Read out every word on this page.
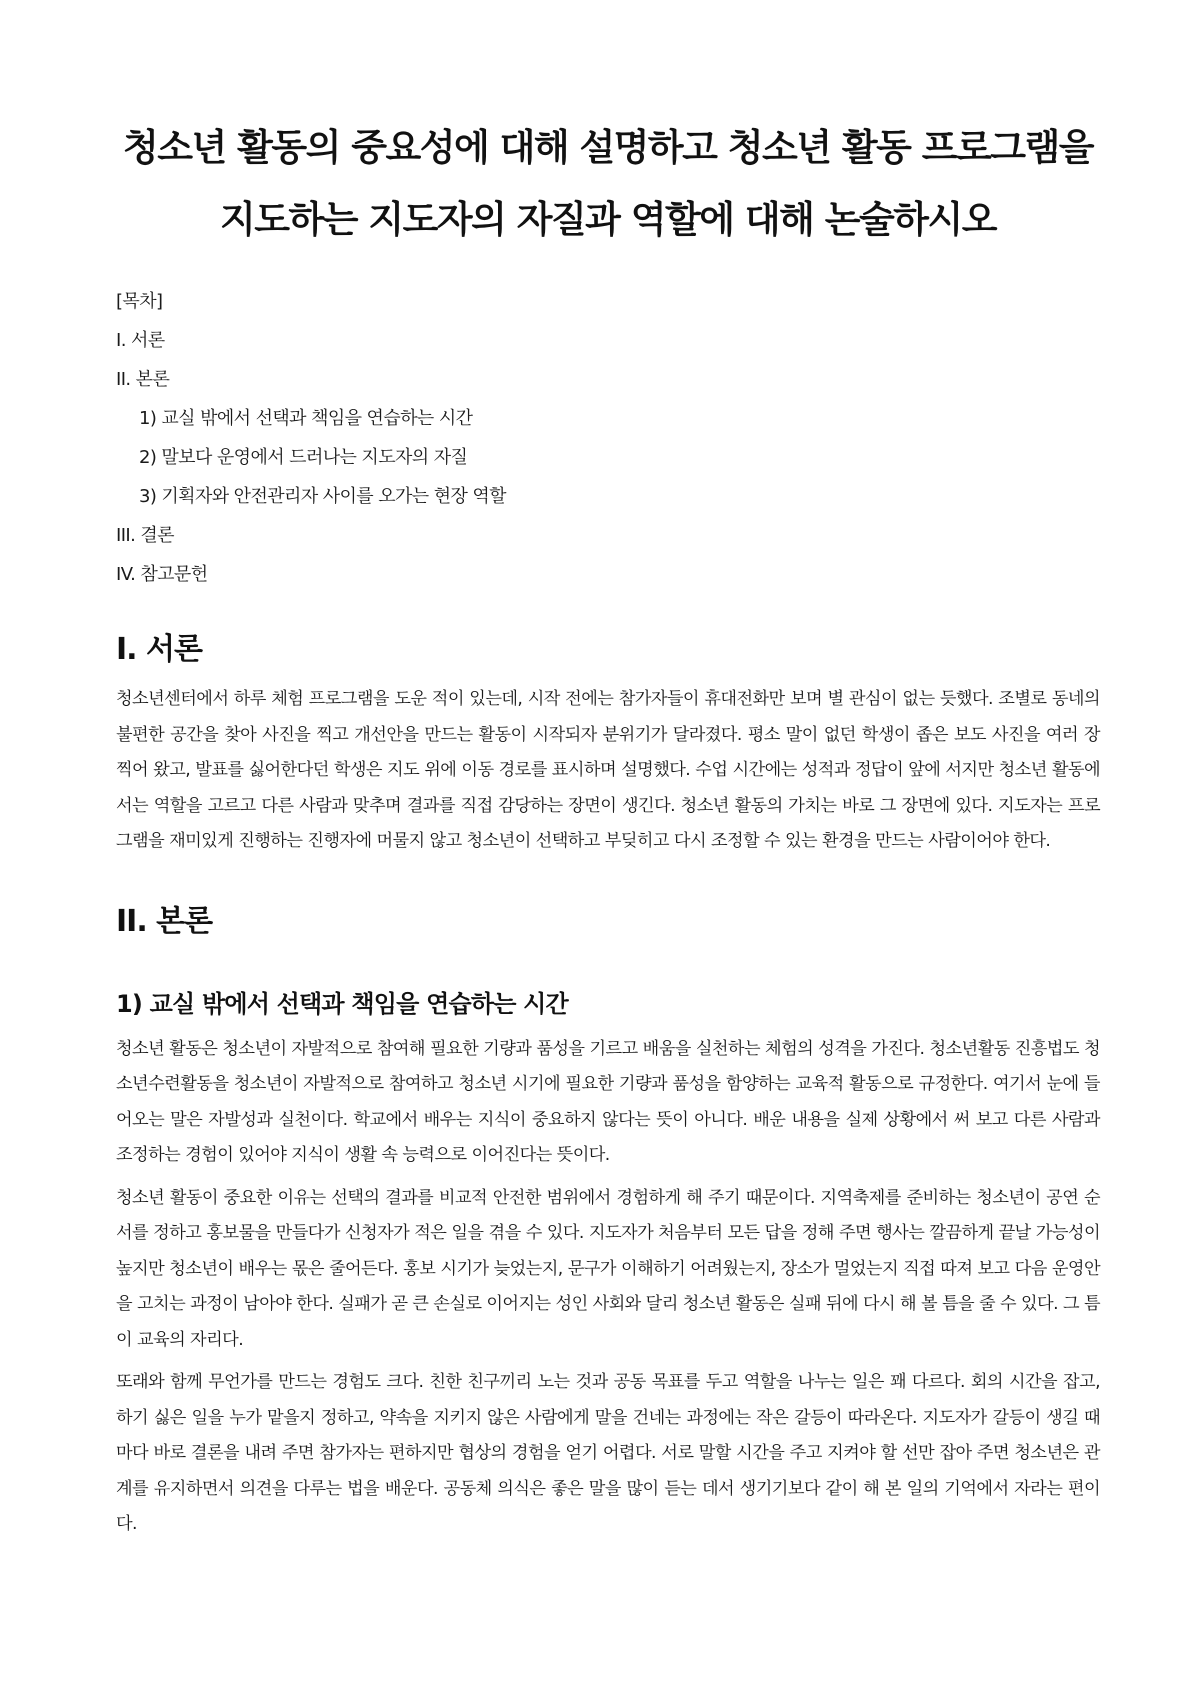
청소년 활동의 중요성에 대해 설명하고 청소년 활동 프로그램을
지도하는 지도자의 자질과 역할에 대해 논술하시오
[목차]
I. 서론
II. 본론
1) 교실 밖에서 선택과 책임을 연습하는 시간
2) 말보다 운영에서 드러나는 지도자의 자질
3) 기획자와 안전관리자 사이를 오가는 현장 역할
III. 결론
IV. 참고문헌
I. 서론

청소년센터에서 하루 체험 프로그램을 도운 적이 있는데, 시작 전에는 참가자들이 휴대전화만 보며 별 관심이 없는 듯했다. 조별로 동네의 불편한 공간을 찾아 사진을 찍고 개선안을 만드는 활동이 시작되자 분위기가 달라졌다. 평소 말이 없던 학생이 좁은 보도 사진을 여러 장 찍어 왔고, 발표를 싫어한다던 학생은 지도 위에 이동 경로를 표시하며 설명했다. 수업 시간에는 성적과 정답이 앞에 서지만 청소년 활동에서는 역할을 고르고 다른 사람과 맞추며 결과를 직접 감당하는 장면이 생긴다. 청소년 활동의 가치는 바로 그 장면에 있다. 지도자는 프로그램을 재미있게 진행하는 진행자에 머물지 않고 청소년이 선택하고 부딪히고 다시 조정할 수 있는 환경을 만드는 사람이어야 한다.

II. 본론
1) 교실 밖에서 선택과 책임을 연습하는 시간

청소년 활동은 청소년이 자발적으로 참여해 필요한 기량과 품성을 기르고 배움을 실천하는 체험의 성격을 가진다. 청소년활동 진흥법도 청소년수련활동을 청소년이 자발적으로 참여하고 청소년 시기에 필요한 기량과 품성을 함양하는 교육적 활동으로 규정한다. 여기서 눈에 들어오는 말은 자발성과 실천이다. 학교에서 배우는 지식이 중요하지 않다는 뜻이 아니다. 배운 내용을 실제 상황에서 써 보고 다른 사람과 조정하는 경험이 있어야 지식이 생활 속 능력으로 이어진다는 뜻이다.

청소년 활동이 중요한 이유는 선택의 결과를 비교적 안전한 범위에서 경험하게 해 주기 때문이다. 지역축제를 준비하는 청소년이 공연 순서를 정하고 홍보물을 만들다가 신청자가 적은 일을 겪을 수 있다. 지도자가 처음부터 모든 답을 정해 주면 행사는 깔끔하게 끝날 가능성이 높지만 청소년이 배우는 몫은 줄어든다. 홍보 시기가 늦었는지, 문구가 이해하기 어려웠는지, 장소가 멀었는지 직접 따져 보고 다음 운영안을 고치는 과정이 남아야 한다. 실패가 곧 큰 손실로 이어지는 성인 사회와 달리 청소년 활동은 실패 뒤에 다시 해 볼 틈을 줄 수 있다. 그 틈이 교육의 자리다.

또래와 함께 무언가를 만드는 경험도 크다. 친한 친구끼리 노는 것과 공동 목표를 두고 역할을 나누는 일은 꽤 다르다. 회의 시간을 잡고, 하기 싫은 일을 누가 맡을지 정하고, 약속을 지키지 않은 사람에게 말을 건네는 과정에는 작은 갈등이 따라온다. 지도자가 갈등이 생길 때마다 바로 결론을 내려 주면 참가자는 편하지만 협상의 경험을 얻기 어렵다. 서로 말할 시간을 주고 지켜야 할 선만 잡아 주면 청소년은 관계를 유지하면서 의견을 다루는 법을 배운다. 공동체 의식은 좋은 말을 많이 듣는 데서 생기기보다 같이 해 본 일의 기억에서 자라는 편이다.
